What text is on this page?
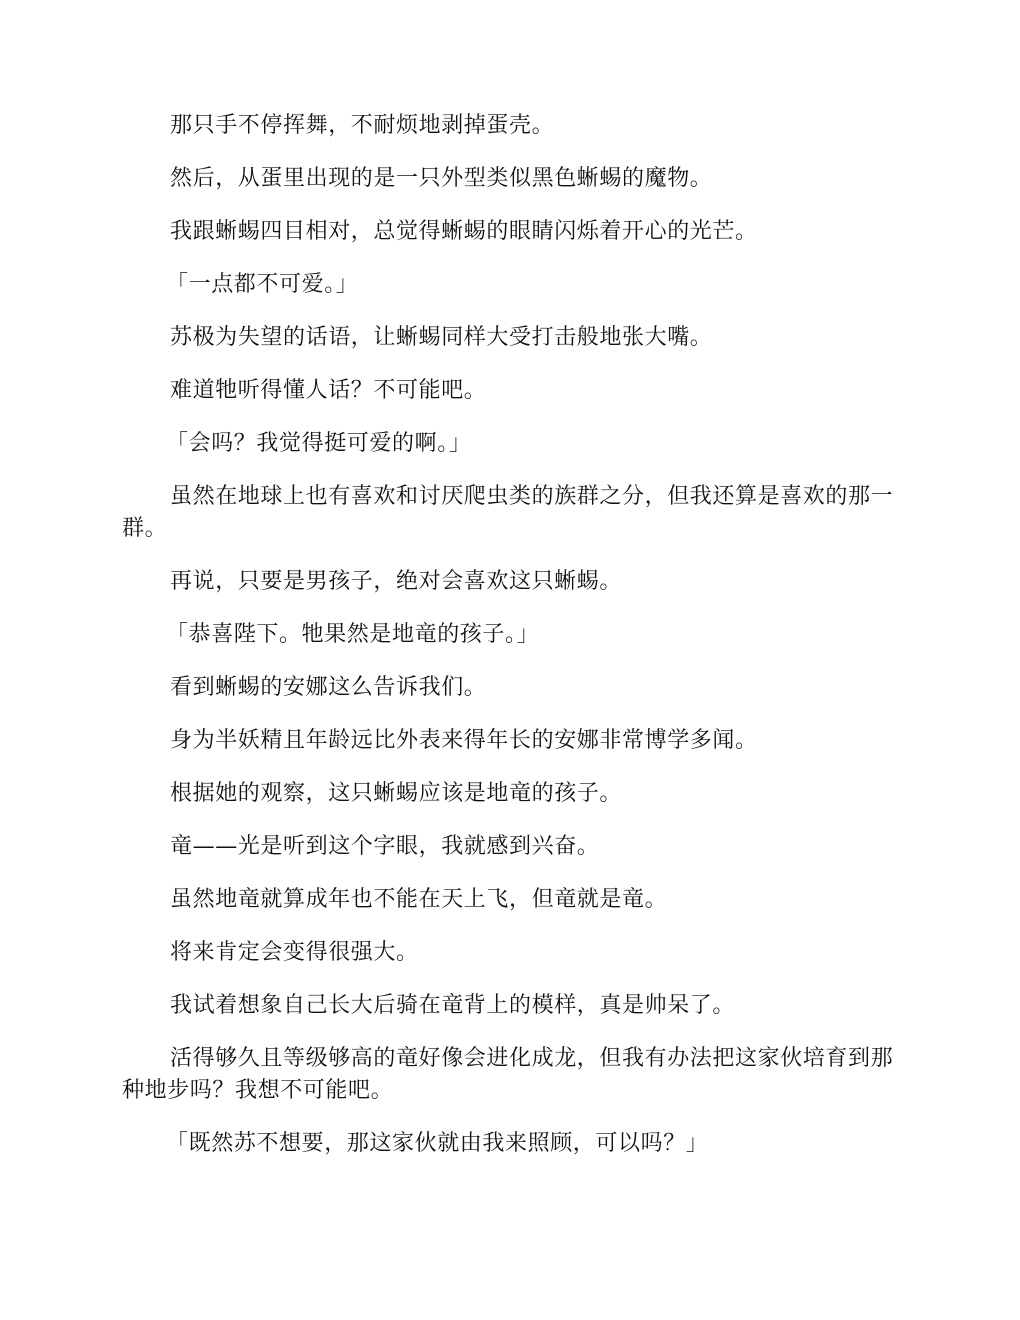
那只手不停挥舞，不耐烦地剥掉蛋壳。

然后，从蛋里出现的是一只外型类似黑色蜥蜴的魔物。

我跟蜥蜴四目相对，总觉得蜥蜴的眼睛闪烁着开心的光芒。

「一点都不可爱。」

苏极为失望的话语，让蜥蜴同样大受打击般地张大嘴。

难道牠听得懂人话？不可能吧。

「会吗？我觉得挺可爱的啊。」

虽然在地球上也有喜欢和讨厌爬虫类的族群之分，但我还算是喜欢的那一群。

再说，只要是男孩子，绝对会喜欢这只蜥蜴。

「恭喜陛下。牠果然是地竜的孩子。」

看到蜥蜴的安娜这么告诉我们。

身为半妖精且年龄远比外表来得年长的安娜非常博学多闻。

根据她的观察，这只蜥蜴应该是地竜的孩子。

竜——光是听到这个字眼，我就感到兴奋。

虽然地竜就算成年也不能在天上飞，但竜就是竜。

将来肯定会变得很强大。

我试着想象自己长大后骑在竜背上的模样，真是帅呆了。

活得够久且等级够高的竜好像会进化成龙，但我有办法把这家伙培育到那种地步吗？我想不可能吧。

「既然苏不想要，那这家伙就由我来照顾，可以吗？」
